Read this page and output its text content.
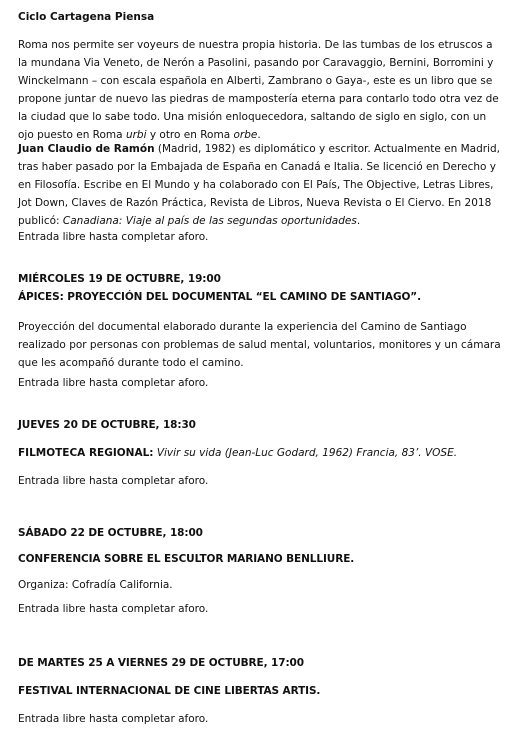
Ciclo Cartagena Piensa

Roma nos permite ser voyeurs de nuestra propia historia. De las tumbas de los etruscos a la mundana Via Veneto, de Nerón a Pasolini, pasando por Caravaggio, Bernini, Borromini y Winckelmann – con escala española en Alberti, Zambrano o Gaya-, este es un libro que se propone juntar de nuevo las piedras de mampostería eterna para contarlo todo otra vez de la ciudad que lo sabe todo. Una misión enloquecedora, saltando de siglo en siglo, con un ojo puesto en Roma urbi y otro en Roma orbe.

Juan Claudio de Ramón (Madrid, 1982) es diplomático y escritor. Actualmente en Madrid, tras haber pasado por la Embajada de España en Canadá e Italia. Se licenció en Derecho y en Filosofía. Escribe en El Mundo y ha colaborado con El País, The Objective, Letras Libres, Jot Down, Claves de Razón Práctica, Revista de Libros, Nueva Revista o El Ciervo. En 2018 publicó: Canadiana: Viaje al país de las segundas oportunidades.

Entrada libre hasta completar aforo.

MIÉRCOLES 19 DE OCTUBRE, 19:00

ÁPICES: PROYECCIÓN DEL DOCUMENTAL “EL CAMINO DE SANTIAGO”.

Proyección del documental elaborado durante la experiencia del Camino de Santiago realizado por personas con problemas de salud mental, voluntarios, monitores y un cámara que les acompañó durante todo el camino.

Entrada libre hasta completar aforo.

JUEVES 20 DE OCTUBRE, 18:30

FILMOTECA REGIONAL: Vivir su vida (Jean-Luc Godard, 1962) Francia, 83’. VOSE.

Entrada libre hasta completar aforo.

SÁBADO 22 DE OCTUBRE, 18:00

CONFERENCIA SOBRE EL ESCULTOR MARIANO BENLLIURE.

Organiza: Cofradía California.

Entrada libre hasta completar aforo.

DE MARTES 25 A VIERNES 29 DE OCTUBRE, 17:00

FESTIVAL INTERNACIONAL DE CINE LIBERTAS ARTIS.

Entrada libre hasta completar aforo.
